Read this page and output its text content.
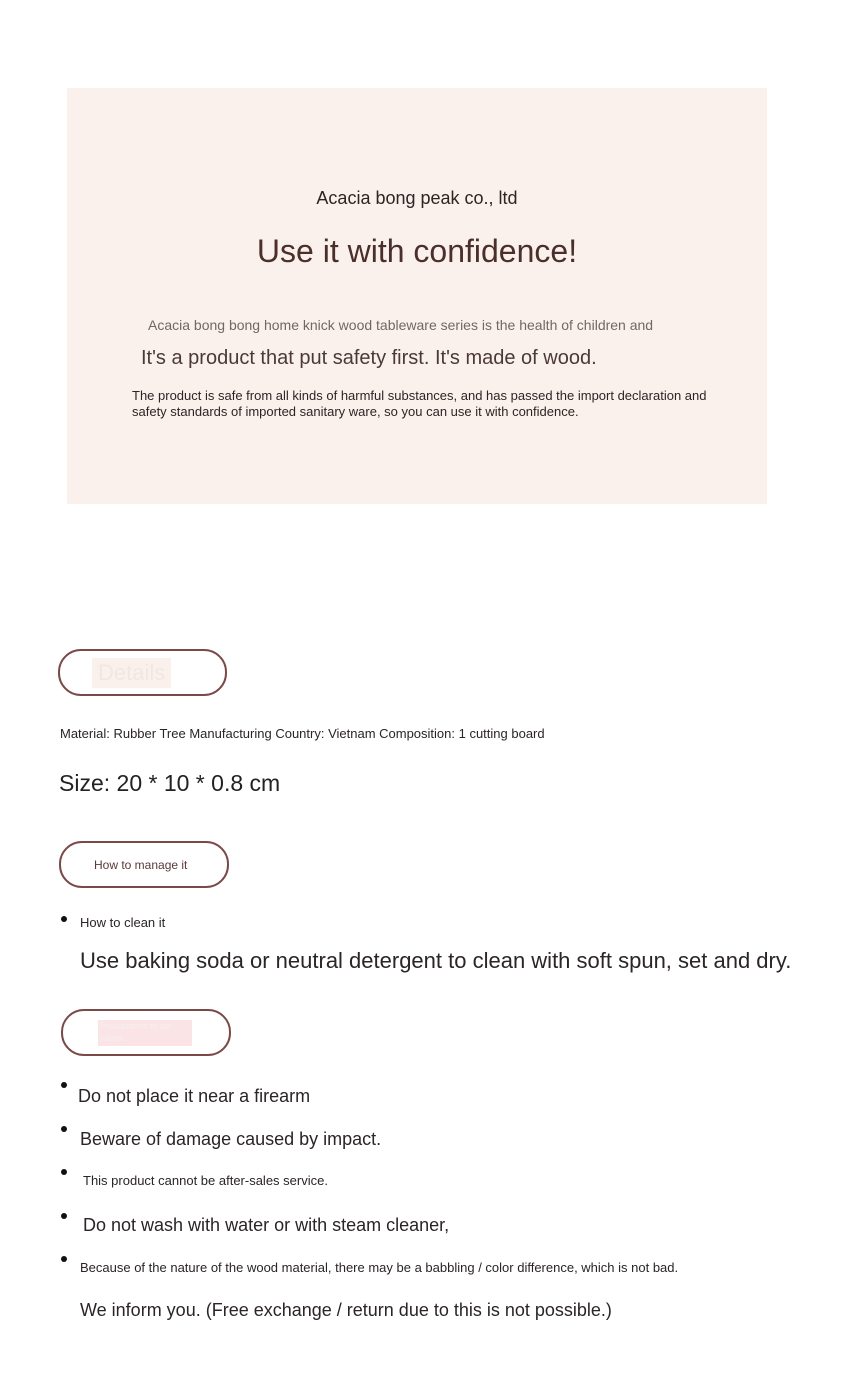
Acacia bong peak co., ltd
Use it with confidence!
Acacia bong bong home knick wood tableware series is the health of children and
It's a product that put safety first. It's made of wood.
The product is safe from all kinds of harmful substances, and has passed the import declaration and safety standards of imported sanitary ware, so you can use it with confidence.
Details
Material: Rubber Tree Manufacturing Country: Vietnam Composition: 1 cutting board
Size: 20 * 10 * 0.8 cm
How to manage it
How to clean it
Use baking soda or neutral detergent to clean with soft spun, set and dry.
Precautions to be taken
Do not place it near a firearm
Beware of damage caused by impact.
This product cannot be after-sales service.
Do not wash with water or with steam cleaner,
Because of the nature of the wood material, there may be a babbling / color difference, which is not bad.
We inform you. (Free exchange / return due to this is not possible.)
